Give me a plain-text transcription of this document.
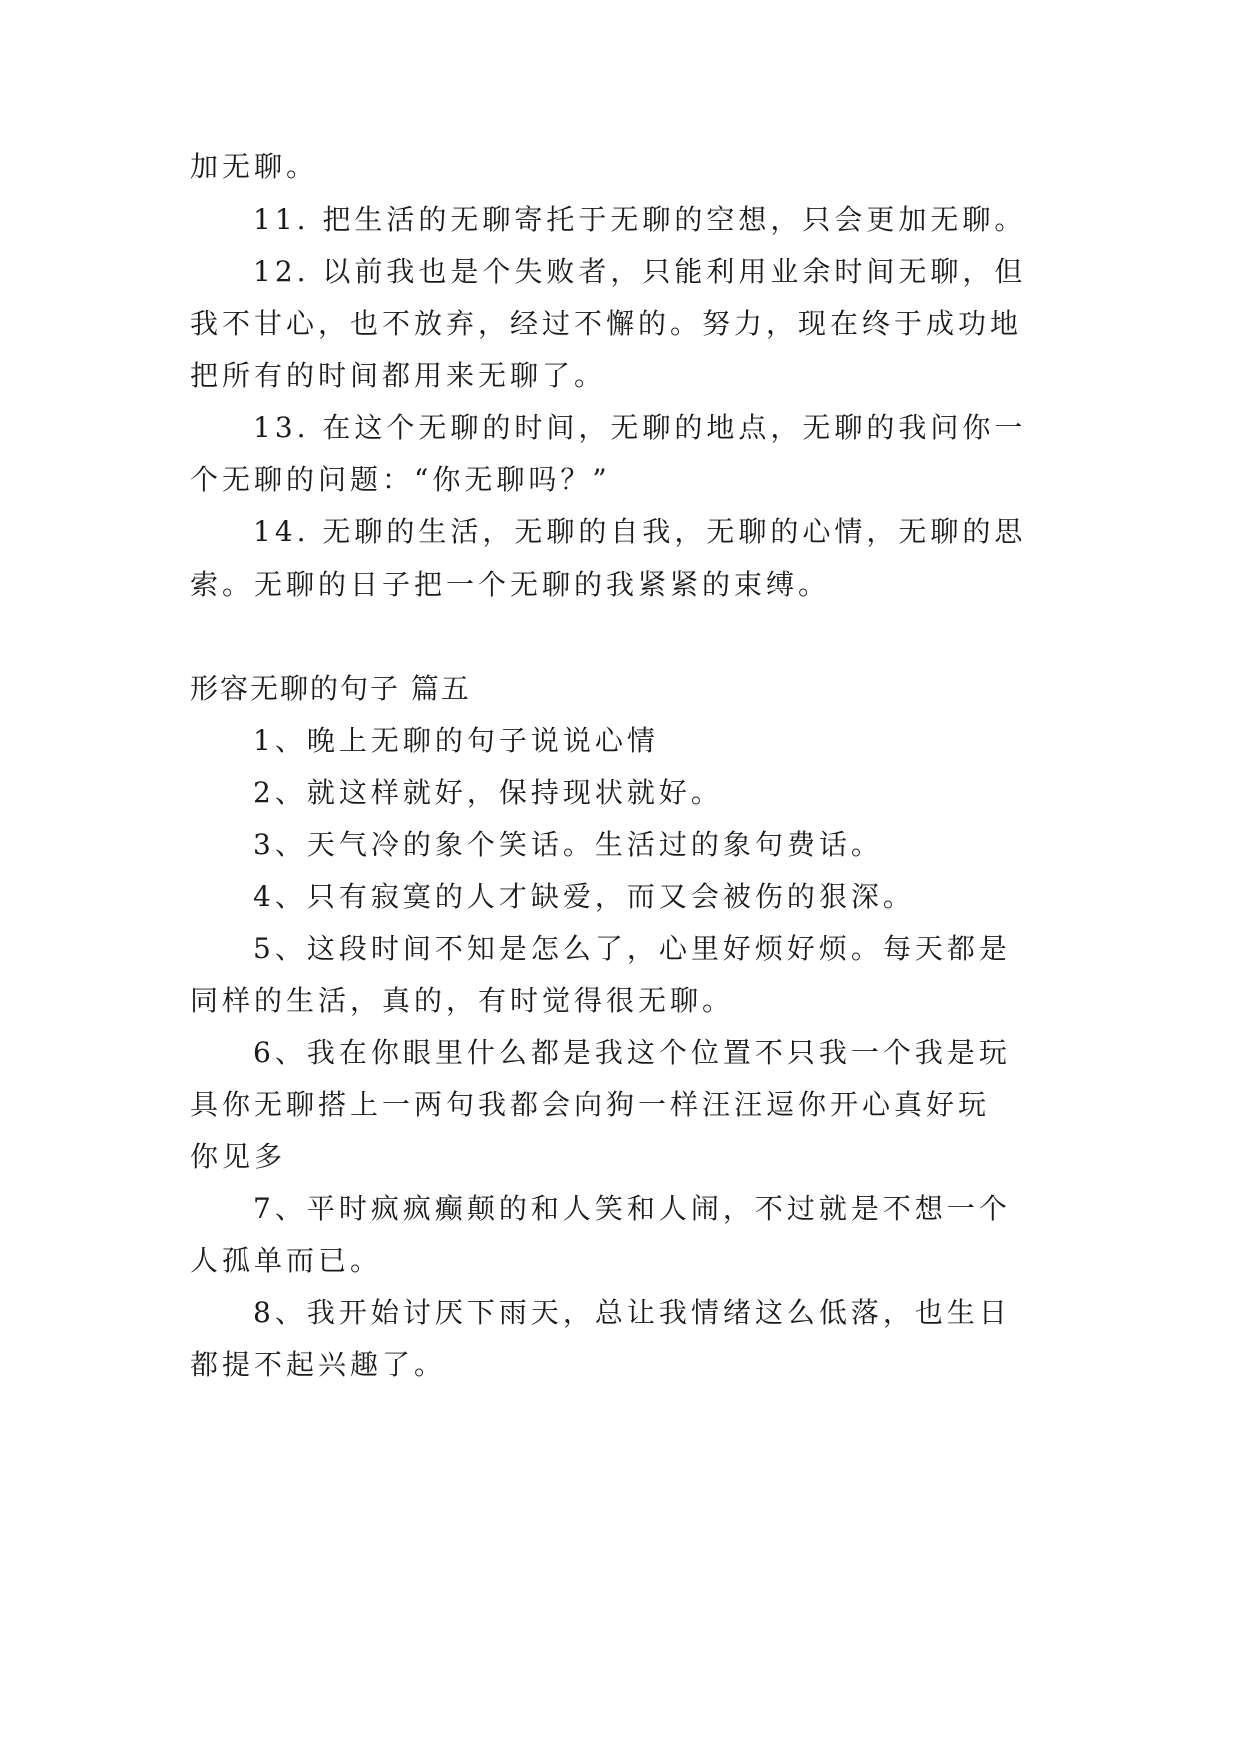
加无聊。
11. 把生活的无聊寄托于无聊的空想，只会更加无聊。
12. 以前我也是个失败者，只能利用业余时间无聊，但
我不甘心，也不放弃，经过不懈的。努力，现在终于成功地
把所有的时间都用来无聊了。
13. 在这个无聊的时间，无聊的地点，无聊的我问你一
个无聊的问题：“你无聊吗？”
14. 无聊的生活，无聊的自我，无聊的心情，无聊的思
索。无聊的日子把一个无聊的我紧紧的束缚。
形容无聊的句子 篇五
1、晚上无聊的句子说说心情
2、就这样就好，保持现状就好。
3、天气冷的象个笑话。生活过的象句费话。
4、只有寂寞的人才缺爱，而又会被伤的狠深。
5、这段时间不知是怎么了，心里好烦好烦。每天都是
同样的生活，真的，有时觉得很无聊。
6、我在你眼里什么都是我这个位置不只我一个我是玩
具你无聊搭上一两句我都会向狗一样汪汪逗你开心真好玩
你见多
7、平时疯疯癫颠的和人笑和人闹，不过就是不想一个
人孤单而已。
8、我开始讨厌下雨天，总让我情绪这么低落，也生日
都提不起兴趣了。
